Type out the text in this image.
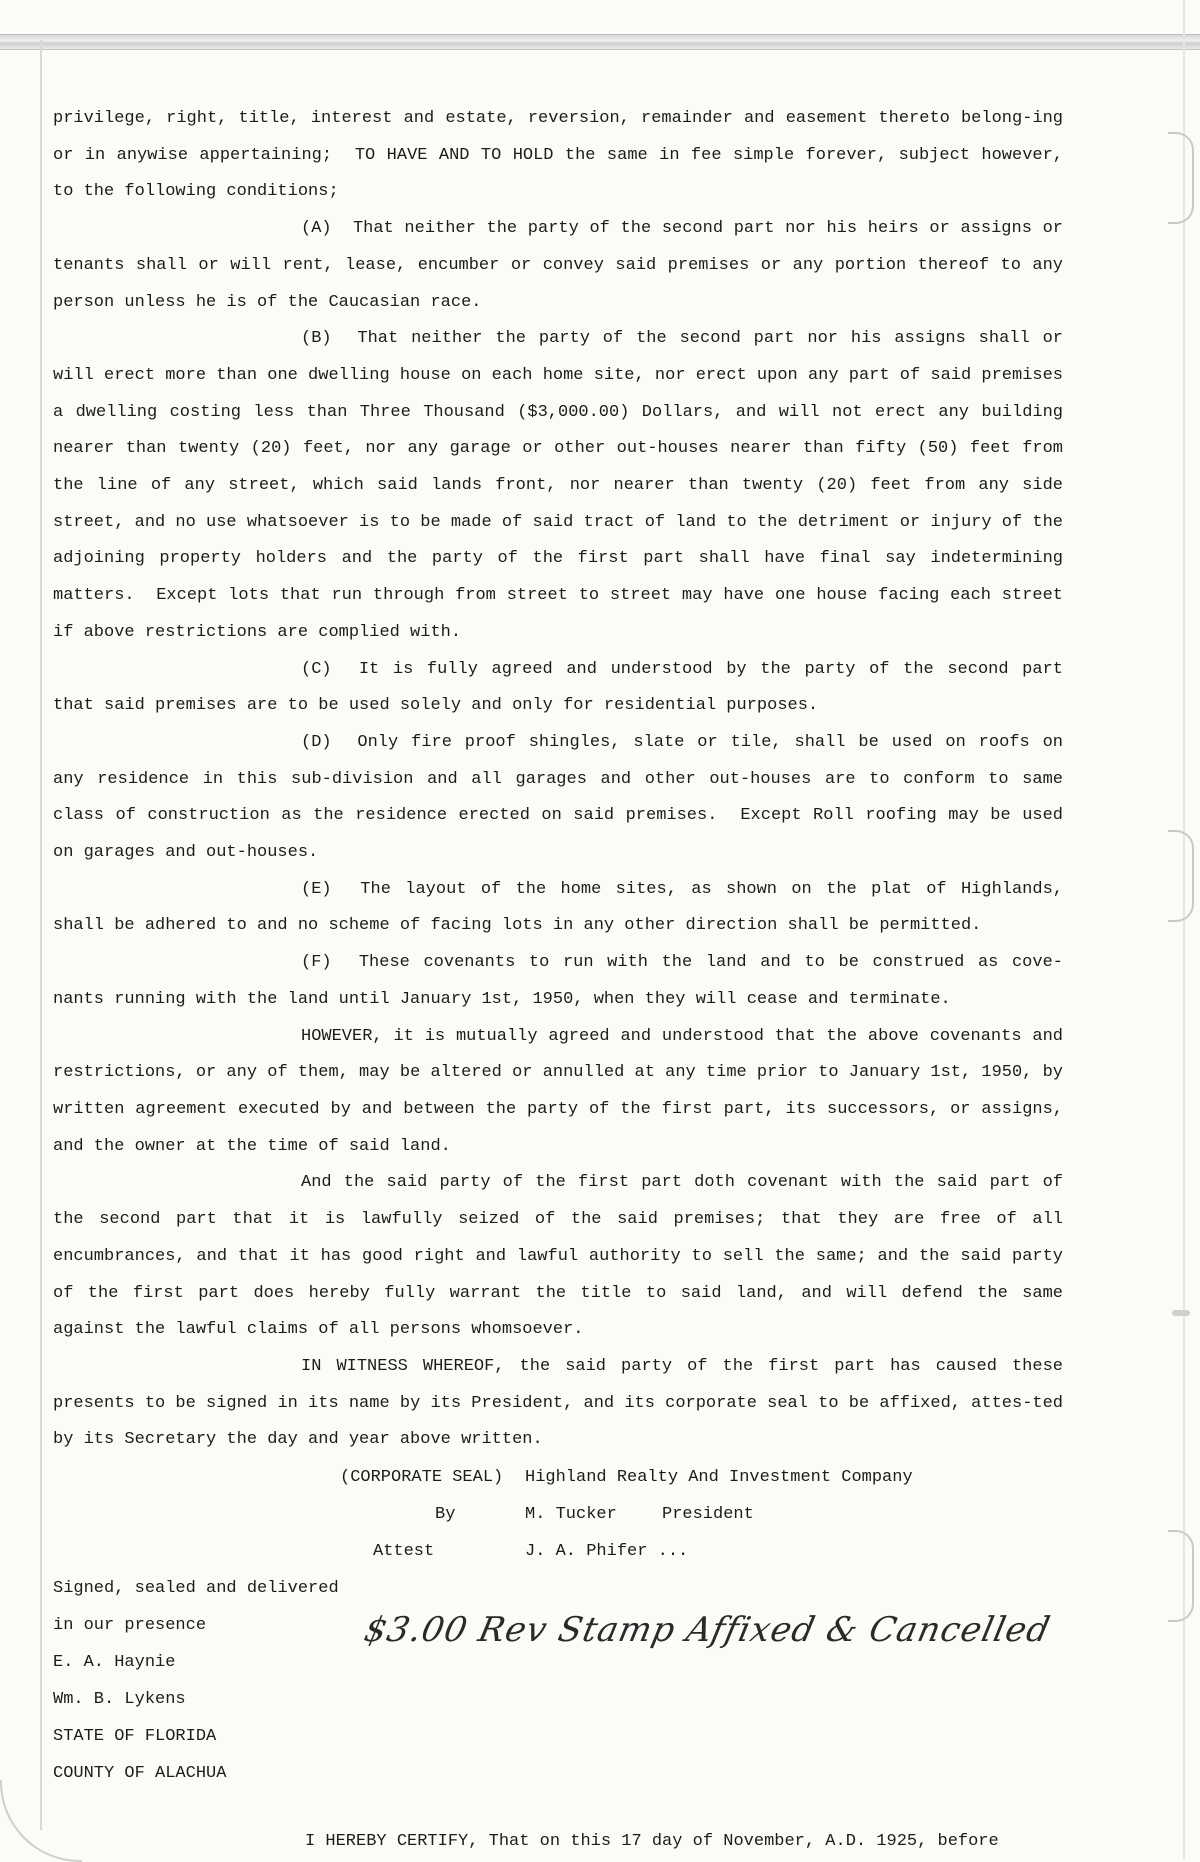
privilege, right, title, interest and estate, reversion, remainder and easement thereto belong-ing or in anywise appertaining;  TO HAVE AND TO HOLD the same in fee simple forever, subject however, to the following conditions;

(A)  That neither the party of the second part nor his heirs or assigns or tenants shall or will rent, lease, encumber or convey said premises or any portion thereof to any person unless he is of the Caucasian race.

(B)  That neither the party of the second part nor his assigns shall or will erect more than one dwelling house on each home site, nor erect upon any part of said premises a dwelling costing less than Three Thousand ($3,000.00) Dollars, and will not erect any building nearer than twenty (20) feet, nor any garage or other out-houses nearer than fifty (50) feet from the line of any street, which said lands front, nor nearer than twenty (20) feet from any side street, and no use whatsoever is to be made of said tract of land to the detriment or injury of the adjoining property holders and the party of the first part shall have final say indetermining matters.  Except lots that run through from street to street may have one house facing each street if above restrictions are complied with.

(C)  It is fully agreed and understood by the party of the second part that said premises are to be used solely and only for residential purposes.

(D)  Only fire proof shingles, slate or tile, shall be used on roofs on any residence in this sub-division and all garages and other out-houses are to conform to same class of construction as the residence erected on said premises.  Except Roll roofing may be used on garages and out-houses.

(E)  The layout of the home sites, as shown on the plat of Highlands, shall be adhered to and no scheme of facing lots in any other direction shall be permitted.

(F)  These covenants to run with the land and to be construed as cove-nants running with the land until January 1st, 1950, when they will cease and terminate.

HOWEVER, it is mutually agreed and understood that the above covenants and restrictions, or any of them, may be altered or annulled at any time prior to January 1st, 1950, by written agreement executed by and between the party of the first part, its successors, or assigns, and the owner at the time of said land.

And the said party of the first part doth covenant with the said part of the second part that it is lawfully seized of the said premises; that they are free of all encumbrances, and that it has good right and lawful authority to sell the same; and the said party of the first part does hereby fully warrant the title to said land, and will defend the same against the lawful claims of all persons whomsoever.

IN WITNESS WHEREOF, the said party of the first part has caused these presents to be signed in its name by its President, and its corporate seal to be affixed, attes-ted by its Secretary the day and year above written.

(CORPORATE SEAL) Highland Realty And Investment Company
By	M. Tucker	President
Attest	J. A. Phifer ...
Signed, sealed and delivered
in our presence
E. A. Haynie
Wm. B. Lykens
STATE OF FLORIDA
COUNTY OF ALACHUA
I HEREBY CERTIFY, That on this 17 day of November, A.D. 1925, before
$3.00 Rev Stamp Affixed & Cancelled
